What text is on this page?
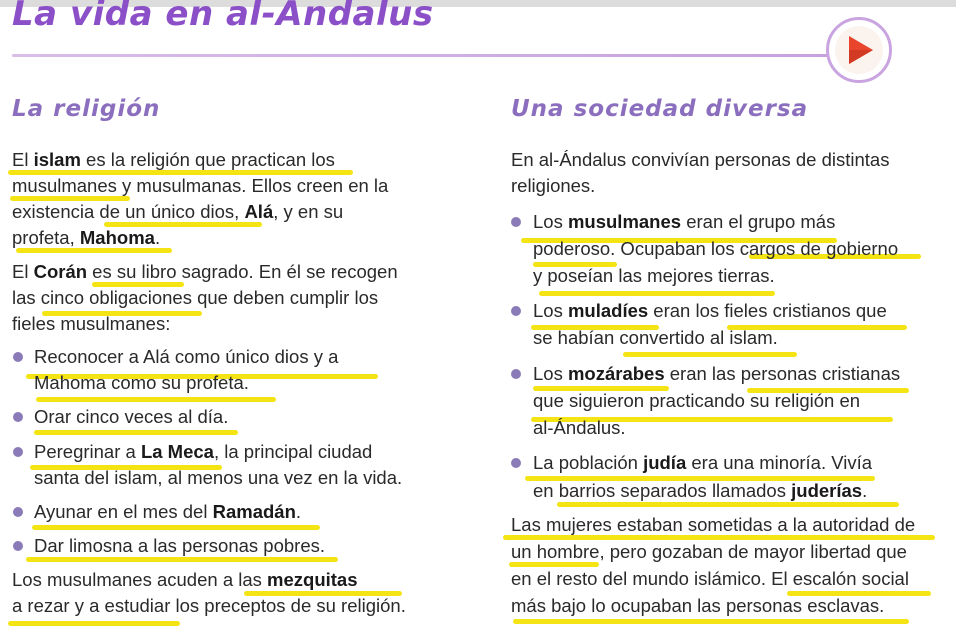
La vida en al-Andalus
La religión

El islam es la religión que practican los

musulmanes y musulmanas. Ellos creen en la

existencia de un único dios, Alá, y en su

profeta, Mahoma.

El Corán es su libro sagrado. En él se recogen

las cinco obligaciones que deben cumplir los

fieles musulmanes:

Reconocer a Alá como único dios y a

Mahoma como su profeta.

Orar cinco veces al día.

Peregrinar a La Meca, la principal ciudad

santa del islam, al menos una vez en la vida.

Ayunar en el mes del Ramadán.

Dar limosna a las personas pobres.

Los musulmanes acuden a las mezquitas

a rezar y a estudiar los preceptos de su religión.

Una sociedad diversa

En al-Ándalus convivían personas de distintas

religiones.

Los musulmanes eran el grupo más

poderoso. Ocupaban los cargos de gobierno

y poseían las mejores tierras.

Los muladíes eran los fieles cristianos que

se habían convertido al islam.

Los mozárabes eran las personas cristianas

que siguieron practicando su religión en

al-Ándalus.

La población judía era una minoría. Vivía

en barrios separados llamados juderías.

Las mujeres estaban sometidas a la autoridad de

un hombre, pero gozaban de mayor libertad que

en el resto del mundo islámico. El escalón social

más bajo lo ocupaban las personas esclavas.
